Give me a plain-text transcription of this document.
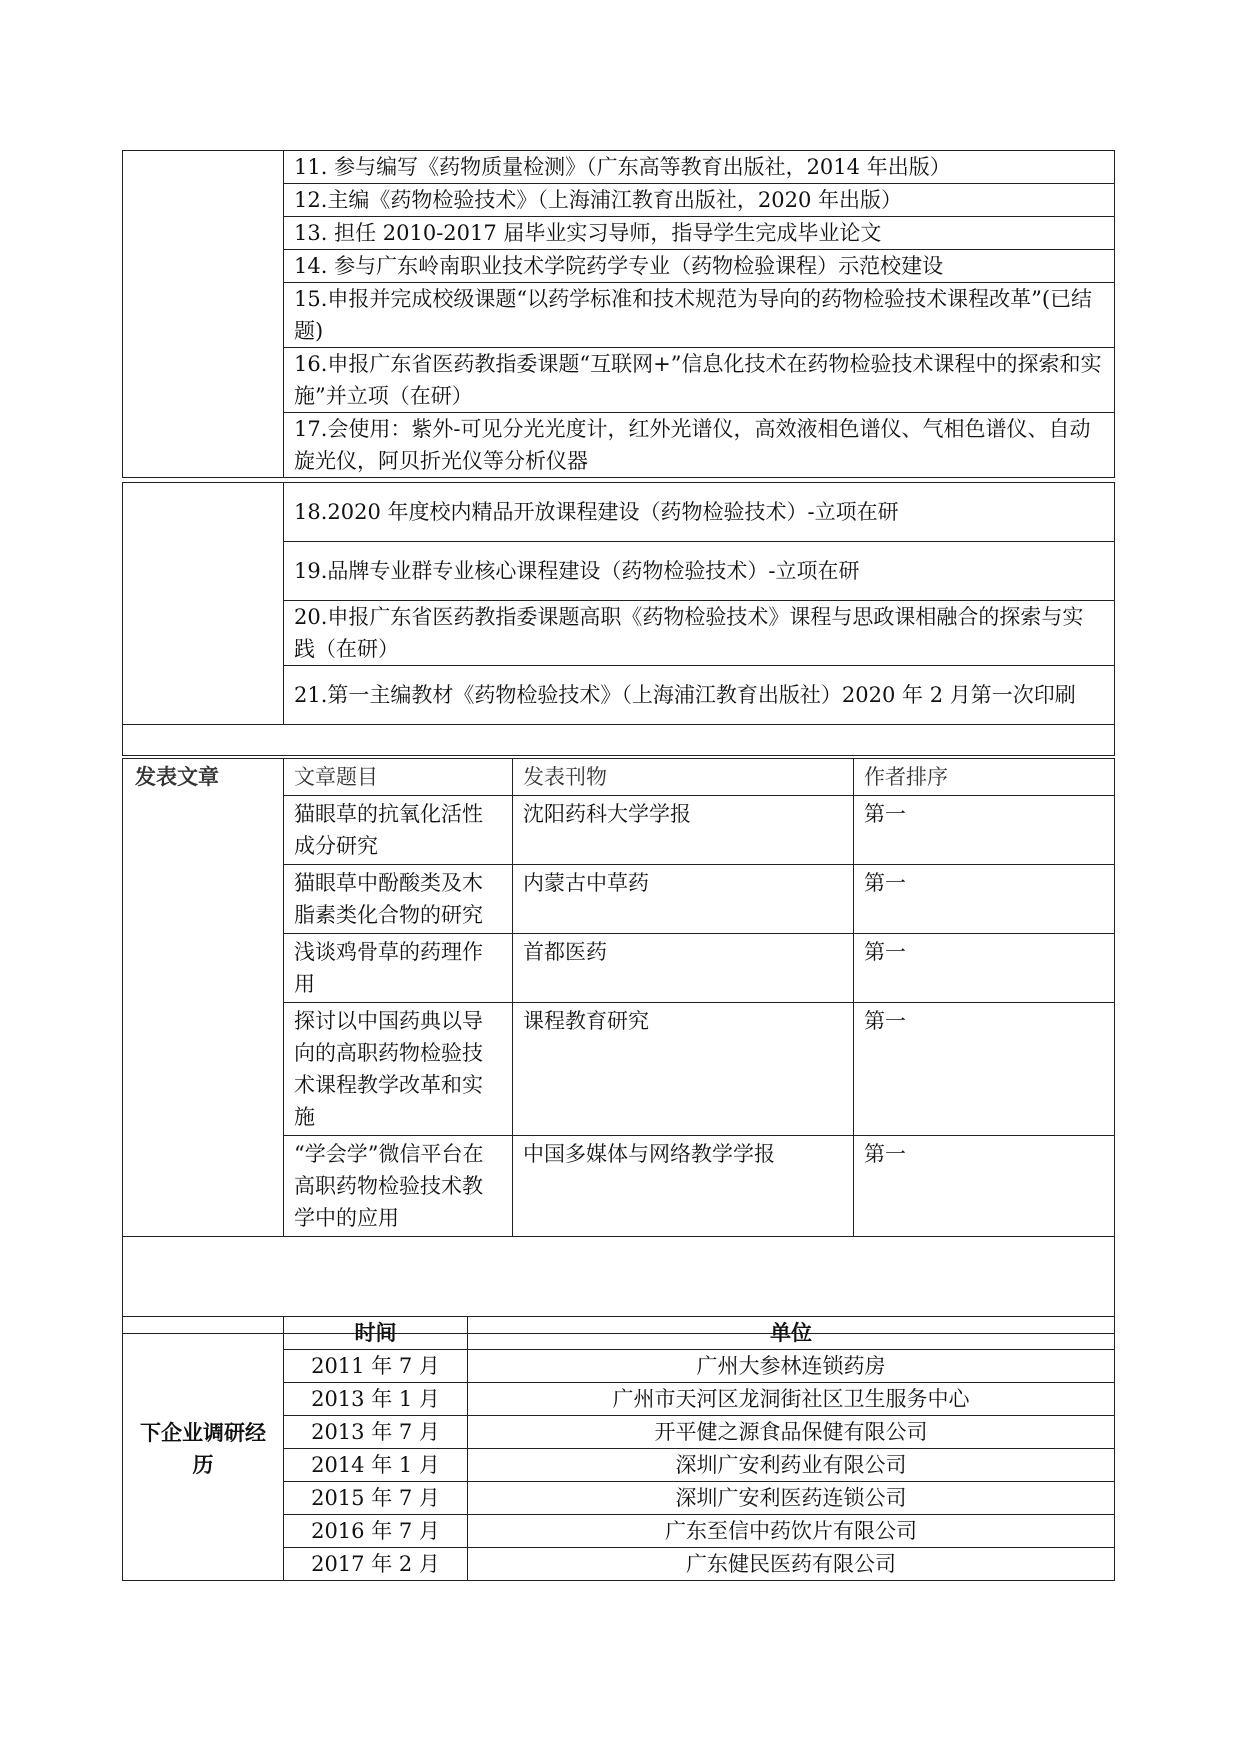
	11. 参与编写《药物质量检测》（广东高等教育出版社，2014 年出版）
12.主编《药物检验技术》（上海浦江教育出版社，2020 年出版）
13. 担任 2010-2017 届毕业实习导师，指导学生完成毕业论文
14. 参与广东岭南职业技术学院药学专业（药物检验课程）示范校建设
15.申报并完成校级课题“以药学标准和技术规范为导向的药物检验技术课程改革”(已结题)
16.申报广东省医药教指委课题“互联网+”信息化技术在药物检验技术课程中的探索和实施”并立项（在研）
17.会使用：紫外-可见分光光度计，红外光谱仪，高效液相色谱仪、气相色谱仪、自动旋光仪，阿贝折光仪等分析仪器
	18.2020 年度校内精品开放课程建设（药物检验技术）-立项在研
19.品牌专业群专业核心课程建设（药物检验技术）-立项在研
20.申报广东省医药教指委课题高职《药物检验技术》课程与思政课相融合的探索与实践（在研）
21.第一主编教材《药物检验技术》（上海浦江教育出版社）2020 年 2 月第一次印刷

发表文章	文章题目	发表刊物	作者排序
	猫眼草的抗氧化活性成分研究	沈阳药科大学学报	第一
	猫眼草中酚酸类及木脂素类化合物的研究	内蒙古中草药	第一
	浅谈鸡骨草的药理作用	首都医药	第一
	探讨以中国药典以导向的高职药物检验技术课程教学改革和实施	课程教育研究	第一
	“学会学”微信平台在高职药物检验技术教学中的应用	中国多媒体与网络教学学报	第一

下企业调研经历	时间	单位
	2011 年 7 月	广州大参林连锁药房
	2013 年 1 月	广州市天河区龙洞街社区卫生服务中心
	2013 年 7 月	开平健之源食品保健有限公司
	2014 年 1 月	深圳广安利药业有限公司
	2015 年 7 月	深圳广安利医药连锁公司
	2016 年 7 月	广东至信中药饮片有限公司
	2017 年 2 月	广东健民医药有限公司
